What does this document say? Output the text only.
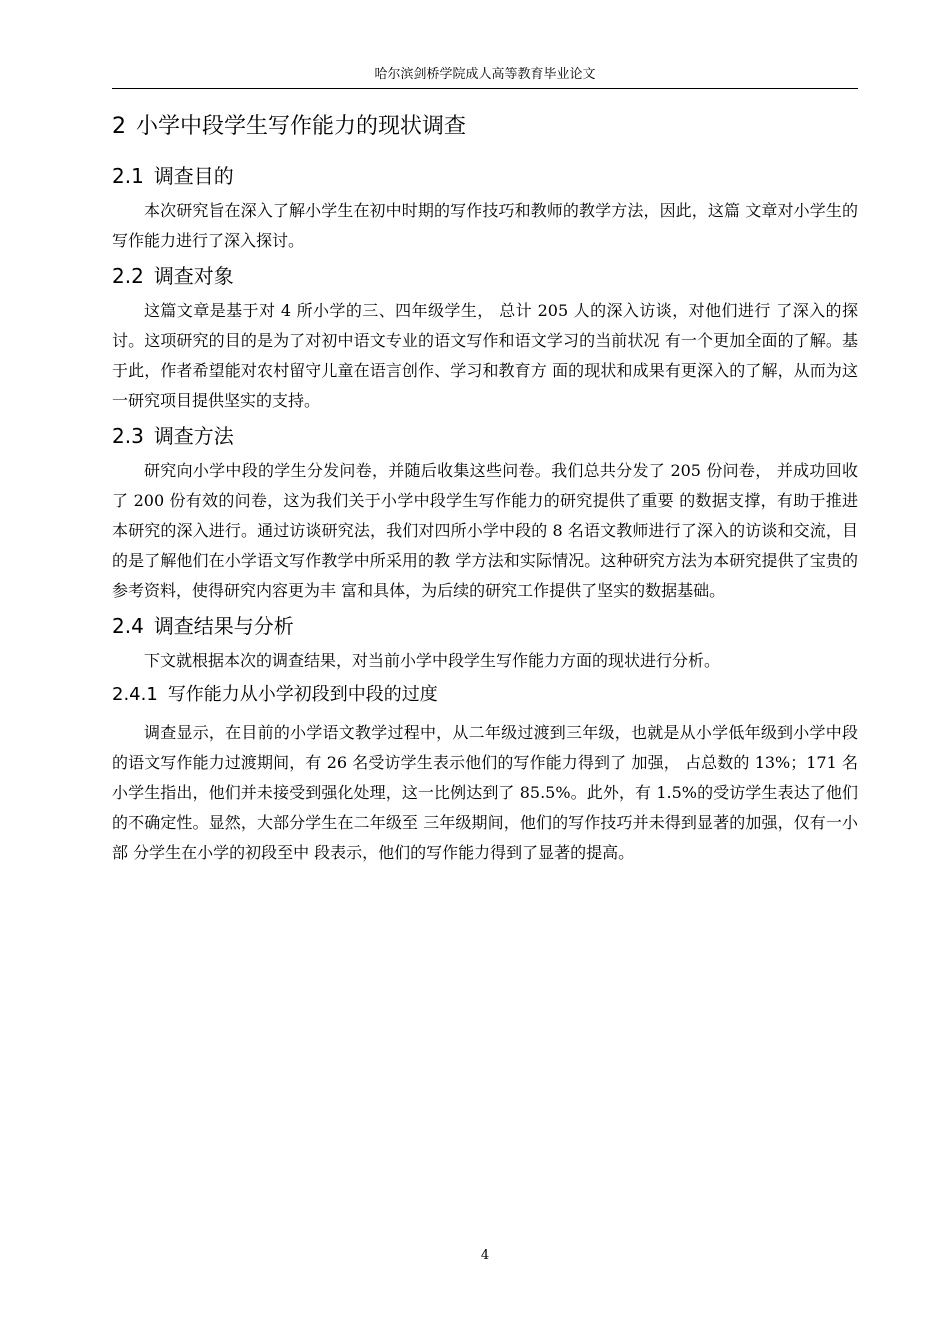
哈尔滨剑桥学院成人高等教育毕业论文
2 小学中段学生写作能力的现状调查
2.1 调查目的

本次研究旨在深入了解小学生在初中时期的写作技巧和教师的教学方法，因此，这篇 文章对小学生的写作能力进行了深入探讨。

2.2 调查对象

这篇文章是基于对 4 所小学的三、四年级学生， 总计 205 人的深入访谈，对他们进行 了深入的探讨。这项研究的目的是为了对初中语文专业的语文写作和语文学习的当前状况 有一个更加全面的了解。基于此，作者希望能对农村留守儿童在语言创作、学习和教育方 面的现状和成果有更深入的了解，从而为这一研究项目提供坚实的支持。

2.3 调查方法

研究向小学中段的学生分发问卷，并随后收集这些问卷。我们总共分发了 205 份问卷， 并成功回收了 200 份有效的问卷，这为我们关于小学中段学生写作能力的研究提供了重要 的数据支撑，有助于推进本研究的深入进行。通过访谈研究法，我们对四所小学中段的 8 名语文教师进行了深入的访谈和交流，目的是了解他们在小学语文写作教学中所采用的教 学方法和实际情况。这种研究方法为本研究提供了宝贵的参考资料，使得研究内容更为丰 富和具体，为后续的研究工作提供了坚实的数据基础。

2.4 调查结果与分析

下文就根据本次的调查结果，对当前小学中段学生写作能力方面的现状进行分析。

2.4.1 写作能力从小学初段到中段的过度

调查显示，在目前的小学语文教学过程中，从二年级过渡到三年级，也就是从小学低年级到小学中段的语文写作能力过渡期间，有 26 名受访学生表示他们的写作能力得到了 加强， 占总数的 13%；171 名小学生指出，他们并未接受到强化处理，这一比例达到了 85.5%。此外，有 1.5%的受访学生表达了他们的不确定性。显然，大部分学生在二年级至 三年级期间，他们的写作技巧并未得到显著的加强，仅有一小部 分学生在小学的初段至中 段表示，他们的写作能力得到了显著的提高。

4
